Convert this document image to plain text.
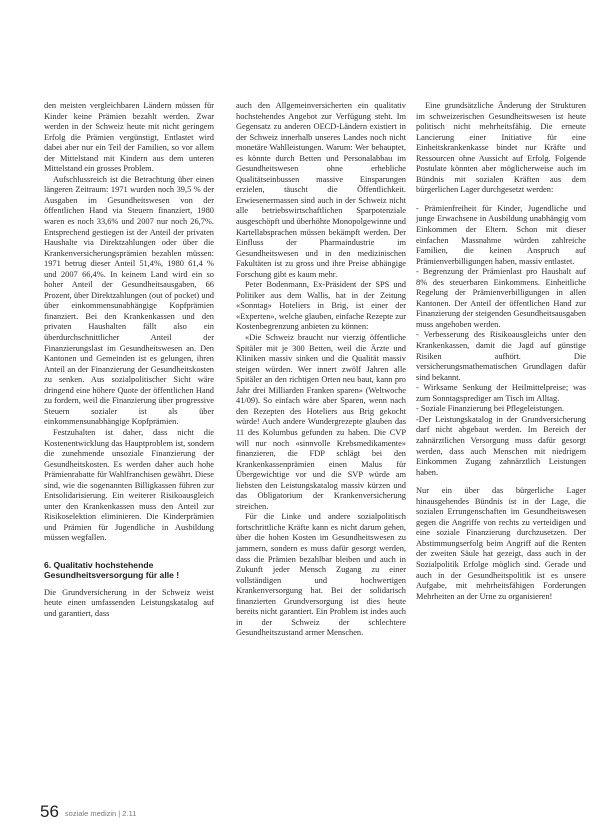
den meisten vergleichbaren Ländern müssen für Kinder keine Prämien bezahlt werden. Zwar werden in der Schweiz heute mit nicht geringem Erfolg die Prämien vergünstigt, Entlastet wird dabei aber nur ein Teil der Familien, so vor allem der Mittelstand mit Kindern aus dem unteren Mittelstand ein grosses Problem.

Aufschlussreich ist die Betrachtung über einen längeren Zeitraum: 1971 wurden noch 39,5 % der Ausgaben im Gesundheitswesen von der öffentlichen Hand via Steuern finanziert, 1980 waren es noch 33,6% und 2007 nur noch 26,7%. Entsprechend gestiegen ist der Anteil der privaten Haushalte via Direktzahlungen oder über die Krankenversicherungsprämien bezahlen müssen: 1971 betrug dieser Anteil 51,4%, 1980 61,4 % und 2007 66,4%. In keinem Land wird ein so hoher Anteil der Gesundheitsausgaben, 66 Prozent, über Direktzahlungen (out of pocket) und über einkommensunabhängige Kopfprämien finanziert. Bei den Krankenkassen und den privaten Haushalten fällt also ein überdurchschnittlicher Anteil der Finanzierungslast im Gesundheitswesen an. Den Kantonen und Gemeinden ist es gelungen, ihren Anteil an der Finanzierung der Gesundheitskosten zu senken. Aus sozialpolitischer Sicht wäre dringend eine höhere Quote der öffentlichen Hand zu fordern, weil die Finanzierung über progressive Steuern sozialer ist als über einkommensunabhängige Kopfprämien.

Festzuhalten ist daher, dass nicht die Kostenentwicklung das Hauptproblem ist, sondern die zunehmende unsoziale Finanzierung der Gesundheitskosten. Es werden daher auch hohe Prämienrabatte für Wahlfranchisen gewährt. Diese sind, wie die sogenannten Billigkassen führen zur Entsolidarisierung. Ein weiterer Risikoausgleich unter den Krankenkassen muss den Anteil zur Risikoselektion eliminieren. Die Kinderprämien und Prämien für Jugendliche in Ausbildung müssen wegfallen.

6. Qualitativ hochstehende Gesundheitsversorgung für alle !

Die Grundversicherung in der Schweiz weist heute einen umfassenden Leistungskatalog auf und garantiert, dass

auch den Allgemeinversicherten ein qualitativ hochstehendes Angebot zur Verfügung steht. Im Gegensatz zu anderen OECD-Ländern existiert in der Schweiz innerhalb unseres Landes noch nicht monetäre Wahlleistungen. Warum: Wer behauptet, es könnte durch Betten und Personalabbau im Gesundheitswesen ohne erhebliche Qualitätseinbussen massive Einsparungen erzielen, täuscht die Öffentlichkeit. Erwiesenermassen sind auch in der Schweiz nicht alle betriebswirtschaftlichen Sparpotenziale ausgeschöpft und überhöhte Monopolgewinne und Kartellabsprachen müssen bekämpft werden. Der Einfluss der Pharmaindustrie im Gesundheitswesen und in den medizinischen Fakultäten ist zu gross und ihre Preise abhängige Forschung gibt es kaum mehr.

Peter Bodenmann, Ex-Präsident der SPS und Politiker aus dem Wallis, hat in der Zeitung «Sonntag» Hoteliers in Brig, ist einer der «Experten», welche glauben, einfache Rezepte zur Kostenbegrenzung anbieten zu können:

«Die Schweiz braucht nur vierzig öffentliche Spitäler mit je 300 Betten, weil die Ärzte und Kliniken massiv sinken und die Qualität massiv steigen würden. Wer innert zwölf Jahren alle Spitäler an den richtigen Orten neu baut, kann pro Jahr drei Milliarden Franken sparen» (Weltwoche 41/09). So einfach wäre aber Sparen, wenn nach den Rezepten des Hoteliers aus Brig gekocht würde! Auch andere Wundergrezepte glauben das 11 des Kolumbus gefunden zu haben. Die CVP will nur noch «sinnvolle Krebsmedikamente» finanzieren, die FDP schlägt bei den Krankenkassenprämien einen Malus für Übergewichtige vor und die SVP würde am liebsten den Leistungskatalog massiv kürzen und das Obligatorium der Krankenversicherung streichen.

Für die Linke und andere sozialpolitisch fortschrittliche Kräfte kann es nicht darum gehen, über die hohen Kosten im Gesundheitswesen zu jammern, sondern es muss dafür gesorgt werden, dass die Prämien bezahlbar bleiben und auch in Zukunft jeder Mensch Zugang zu einer vollständigen und hochwertigen Krankenversorgung hat. Bei der solidarisch finanzierten Grundversorgung ist dies heute bereits nicht garantiert. Ein Problem ist indes auch in der Schweiz der schlechtere Gesundheitszustand armer Menschen.

Eine grundsätzliche Änderung der Strukturen im schweizerischen Gesundheitswesen ist heute politisch nicht mehrheitsfähig. Die erneute Lancierung einer Initiative für eine Einheitskrankenkasse bindet nur Kräfte und Ressourcen ohne Aussicht auf Erfolg. Folgende Postulate könnten aber möglicherweise auch im Bündnis mit sozialen Kräften aus dem bürgerlichen Lager durchgesetzt werden:

- Prämienfreiheit für Kinder, Jugendliche und junge Erwachsene in Ausbildung unabhängig vom Einkommen der Eltern. Schon mit dieser einfachen Massnahme würden zahlreiche Familien, die keinen Anspruch auf Prämienverbilligungen haben, massiv entlastet.

- Begrenzung der Prämienlast pro Haushalt auf 8% des steuerbaren Einkommens. Einheitliche Regelung der Prämienverbilligungen in allen Kantonen. Der Anteil der öffentlichen Hand zur Finanzierung der steigenden Gesundheitsausgaben muss angehoben werden.

- Verbesserung des Risikoausgleichs unter den Krankenkassen, damit die Jagd auf günstige Risiken aufhört. Die versicherungsmathematischen Grundlagen dafür sind bekannt.

- Wirksame Senkung der Heilmittelpreise; was zum Sonntagsprediger am Tisch im Alltag.

- Soziale Finanzierung bei Pflegeleistungen.

-Der Leistungskatalog in der Grundversicherung darf nicht abgebaut werden. Im Bereich der zahnärztlichen Versorgung muss dafür gesorgt werden, dass auch Menschen mit niedrigem Einkommen Zugang zahnärztlich Leistungen haben.

Nur ein über das bürgerliche Lager hinausgehendes Bündnis ist in der Lage, die sozialen Errungenschaften im Gesundheitswesen gegen die Angriffe von rechts zu verteidigen und eine soziale Finanzierung durchzusetzen. Der Abstimmungserfolg beim Angriff auf die Renten der zweiten Säule hat gezeigt, dass auch in der Sozialpolitik Erfolge möglich sind. Gerade und auch in der Gesundheitspolitik ist es unsere Aufgabe, mit mehrheitsfähigen Forderungen Mehrheiten an der Urne zu organisieren!

56 soziale medizin | 2.11
